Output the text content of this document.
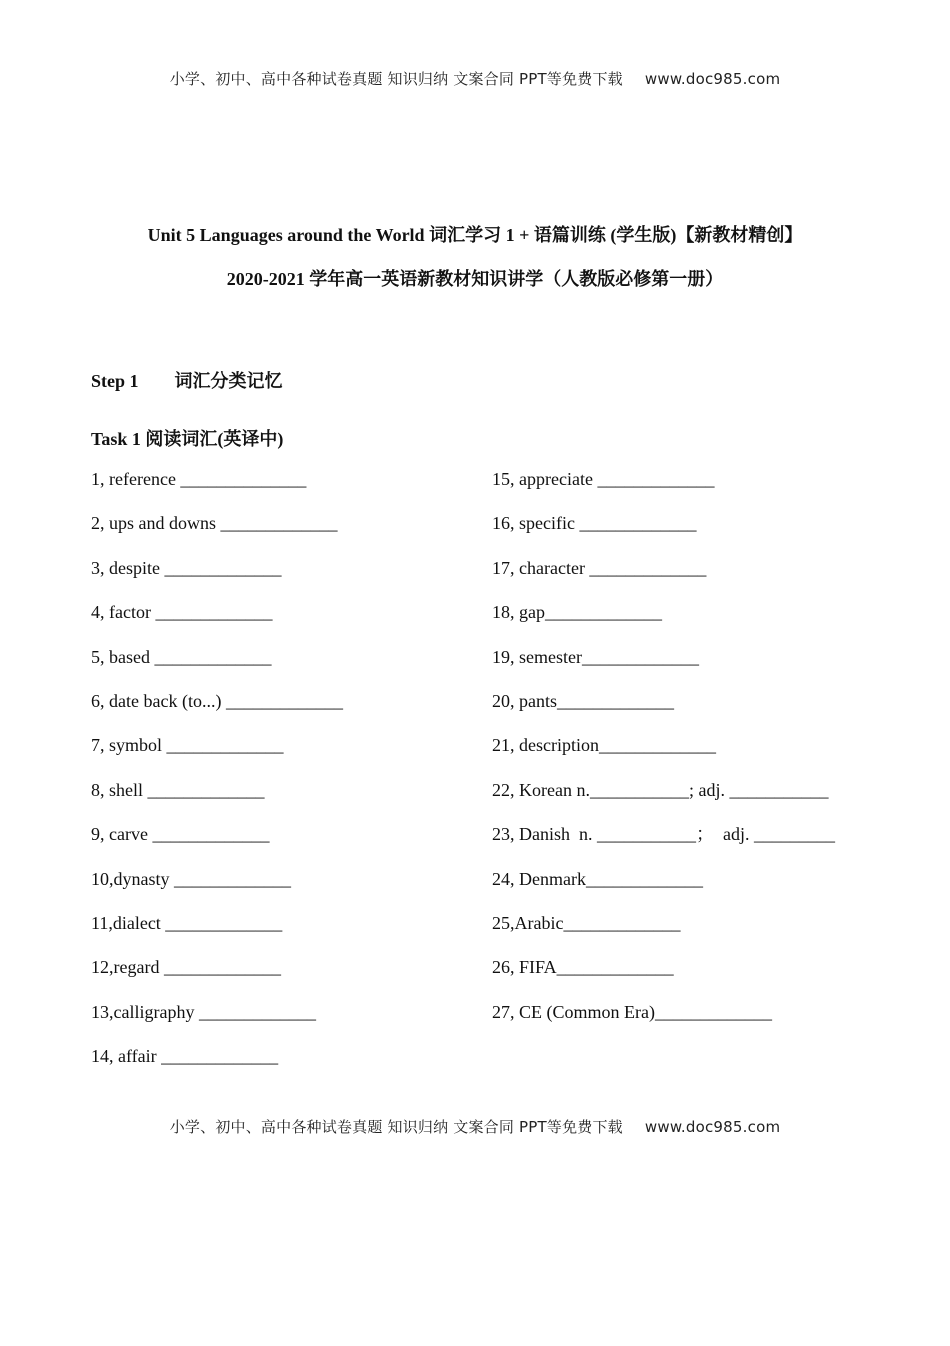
小学、初中、高中各种试卷真题 知识归纳 文案合同 PPT等免费下载 www.doc985.com
Unit 5 Languages around the World 词汇学习 1 + 语篇训练 (学生版)【新教材精创】
2020-2021 学年高一英语新教材知识讲学（人教版必修第一册）
Step 1 词汇分类记忆
Task 1 阅读词汇(英译中)
1, reference ______________
2, ups and downs _____________
3, despite _____________
4, factor _____________
5, based _____________
6, date back (to...) _____________
7, symbol _____________
8, shell _____________
9, carve _____________
10,dynasty _____________
11,dialect _____________
12,regard _____________
13,calligraphy _____________
14, affair _____________
15, appreciate _____________
16, specific _____________
17, character _____________
18, gap_____________
19, semester_____________
20, pants_____________
21, description_____________
22, Korean n.___________; adj. ___________
23, Danish  n. ___________；  adj. _________
24, Denmark_____________
25,Arabic_____________
26, FIFA_____________
27, CE (Common Era)_____________
小学、初中、高中各种试卷真题 知识归纳 文案合同 PPT等免费下载 www.doc985.com
